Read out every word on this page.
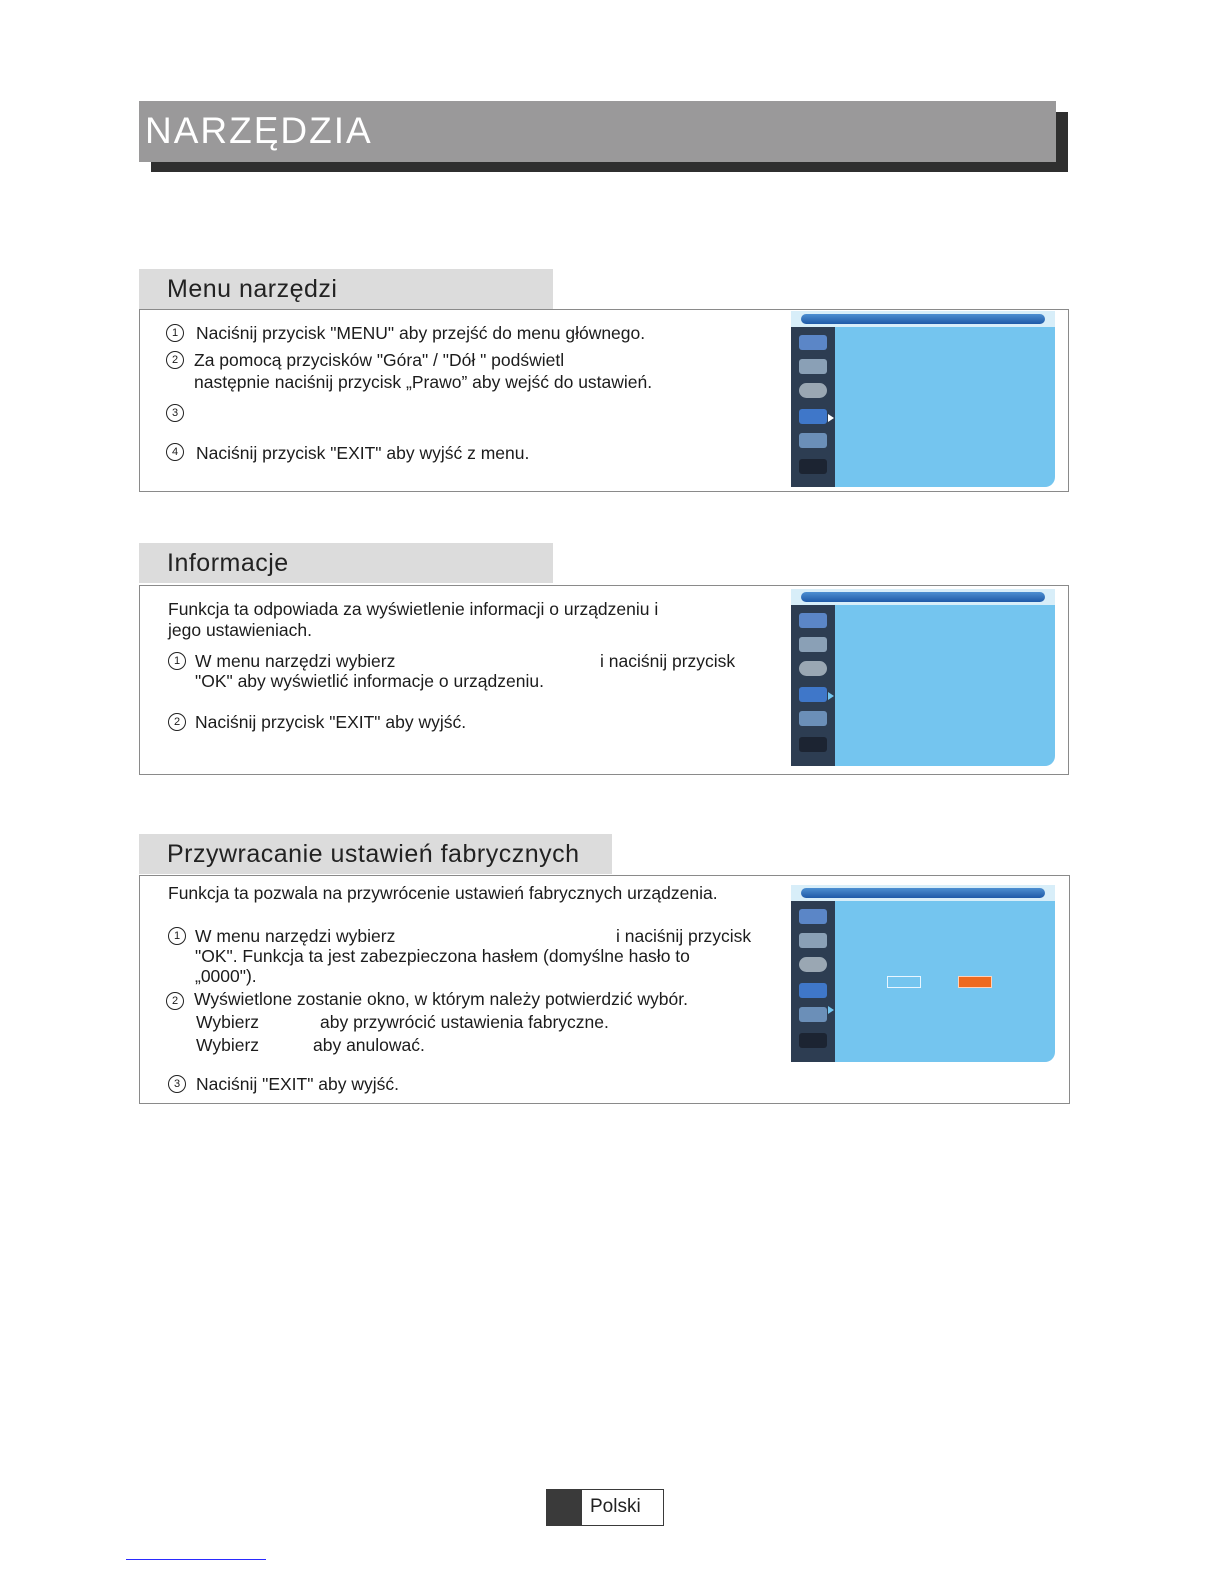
NARZĘDZIA
Menu narzędzi
1	Naciśnij przycisk "MENU" aby przejść do menu głównego.
2 Za pomocą przycisków "Góra" / "Dół " podświetl
następnie naciśnij przycisk „Prawo” aby wejść do ustawień.
3
4	Naciśnij przycisk "EXIT" aby wyjść z menu.
Informacje
Funkcja ta odpowiada za wyświetlenie informacji o urządzeniu i
jego ustawieniach.
1 W menu narzędzi wybierz	i naciśnij przycisk
"OK" aby wyświetlić informacje o urządzeniu.
2 Naciśnij przycisk "EXIT" aby wyjść.
Przywracanie ustawień fabrycznych
Funkcja ta pozwala na przywrócenie ustawień fabrycznych urządzenia.
1 W menu narzędzi wybierz	i naciśnij przycisk
"OK". Funkcja ta jest zabezpieczona hasłem (domyślne hasło to
„0000").
2 Wyświetlone zostanie okno, w którym należy potwierdzić wybór.
Wybierz	aby przywrócić ustawienia fabryczne.
Wybierz	aby anulować.
3 Naciśnij "EXIT" aby wyjść.
Polski
